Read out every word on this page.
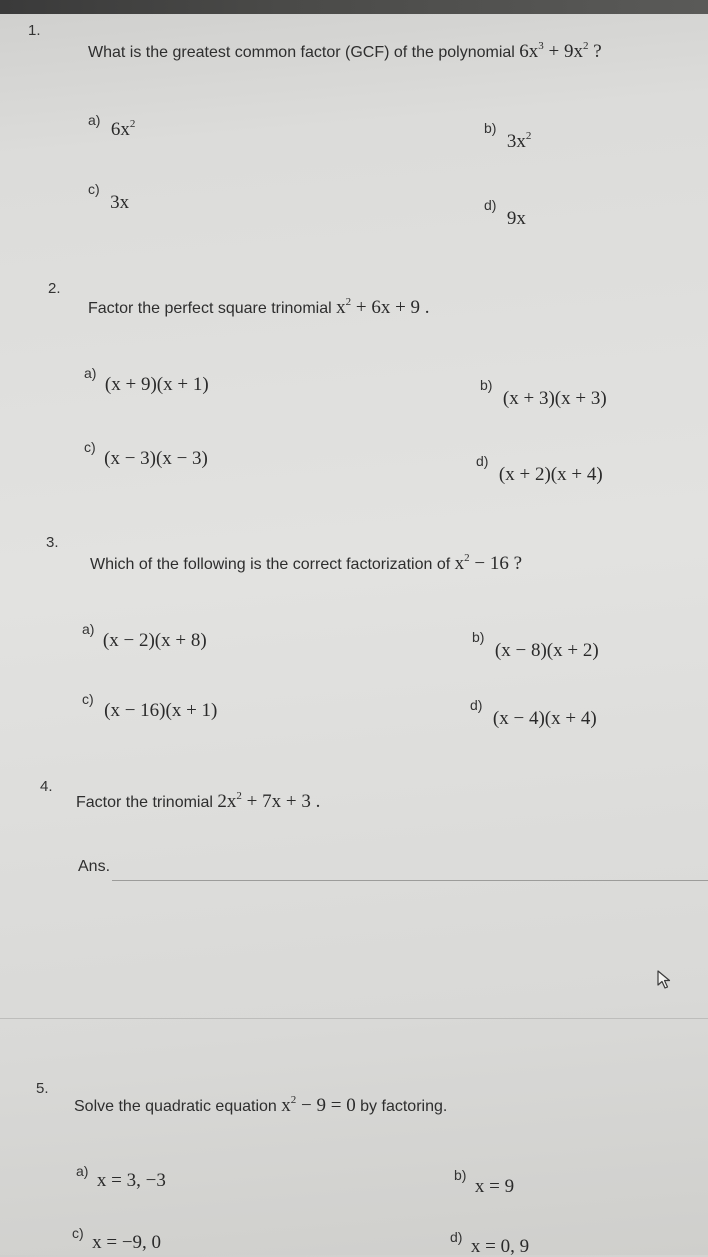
1.
What is the greatest common factor (GCF) of the polynomial $6x^3 + 9x^2$ ?
a) $6x^2$	b) $3x^2$
c) 3x	d) 9x
2.
Factor the perfect square trinomial $x^2 + 6x + 9$ .
a) (x + 9)(x + 1)	b) (x + 3)(x + 3)
c) (x − 3)(x − 3)	d) (x + 2)(x + 4)
3.
Which of the following is the correct factorization of $x^2 - 16$ ?
a) (x − 2)(x + 8)	b) (x − 8)(x + 2)
c) (x − 16)(x + 1)	d) (x − 4)(x + 4)
4.
Factor the trinomial $2x^2 + 7x + 3$ .
Ans.
5.
Solve the quadratic equation $x^2 - 9 = 0$ by factoring.
a) x = 3, −3	b) x = 9
c) x = −9, 0	d) x = 0, 9
